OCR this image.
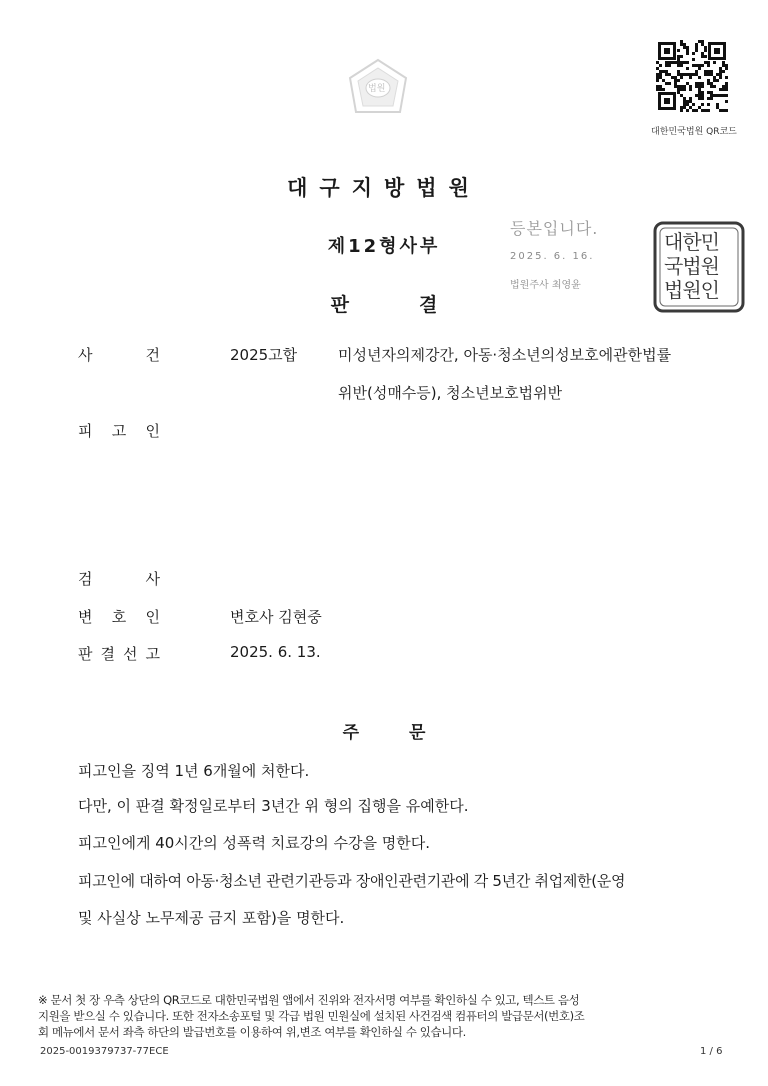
법원
대한민국법원 QR코드
대구지방법원
제12형사부
판결
등본입니다.
2025. 6. 16.
법원주사 최영윤
대한민국법원법원인
사	건	2025고합	미성년자의제강간, 아동·청소년의성보호에관한법률
위반(성매수등), 청소년보호법위반
피 고 인
검	사
변 호 인	변호사 김현중
판 결 선 고	2025. 6. 13.
주문
피고인을 징역 1년 6개월에 처한다.
다만, 이 판결 확정일로부터 3년간 위 형의 집행을 유예한다.
피고인에게 40시간의 성폭력 치료강의 수강을 명한다.
피고인에 대하여 아동·청소년 관련기관등과 장애인관련기관에 각 5년간 취업제한(운영
및 사실상 노무제공 금지 포함)을 명한다.
※ 문서 첫 장 우측 상단의 QR코드로 대한민국법원 앱에서 진위와 전자서명 여부를 확인하실 수 있고, 텍스트 음성
지원을 받으실 수 있습니다. 또한 전자소송포털 및 각급 법원 민원실에 설치된 사건검색 컴퓨터의 발급문서(번호)조
회 메뉴에서 문서 좌측 하단의 발급번호를 이용하여 위,변조 여부를 확인하실 수 있습니다.
2025-0019379737-77ECE	1 / 6
